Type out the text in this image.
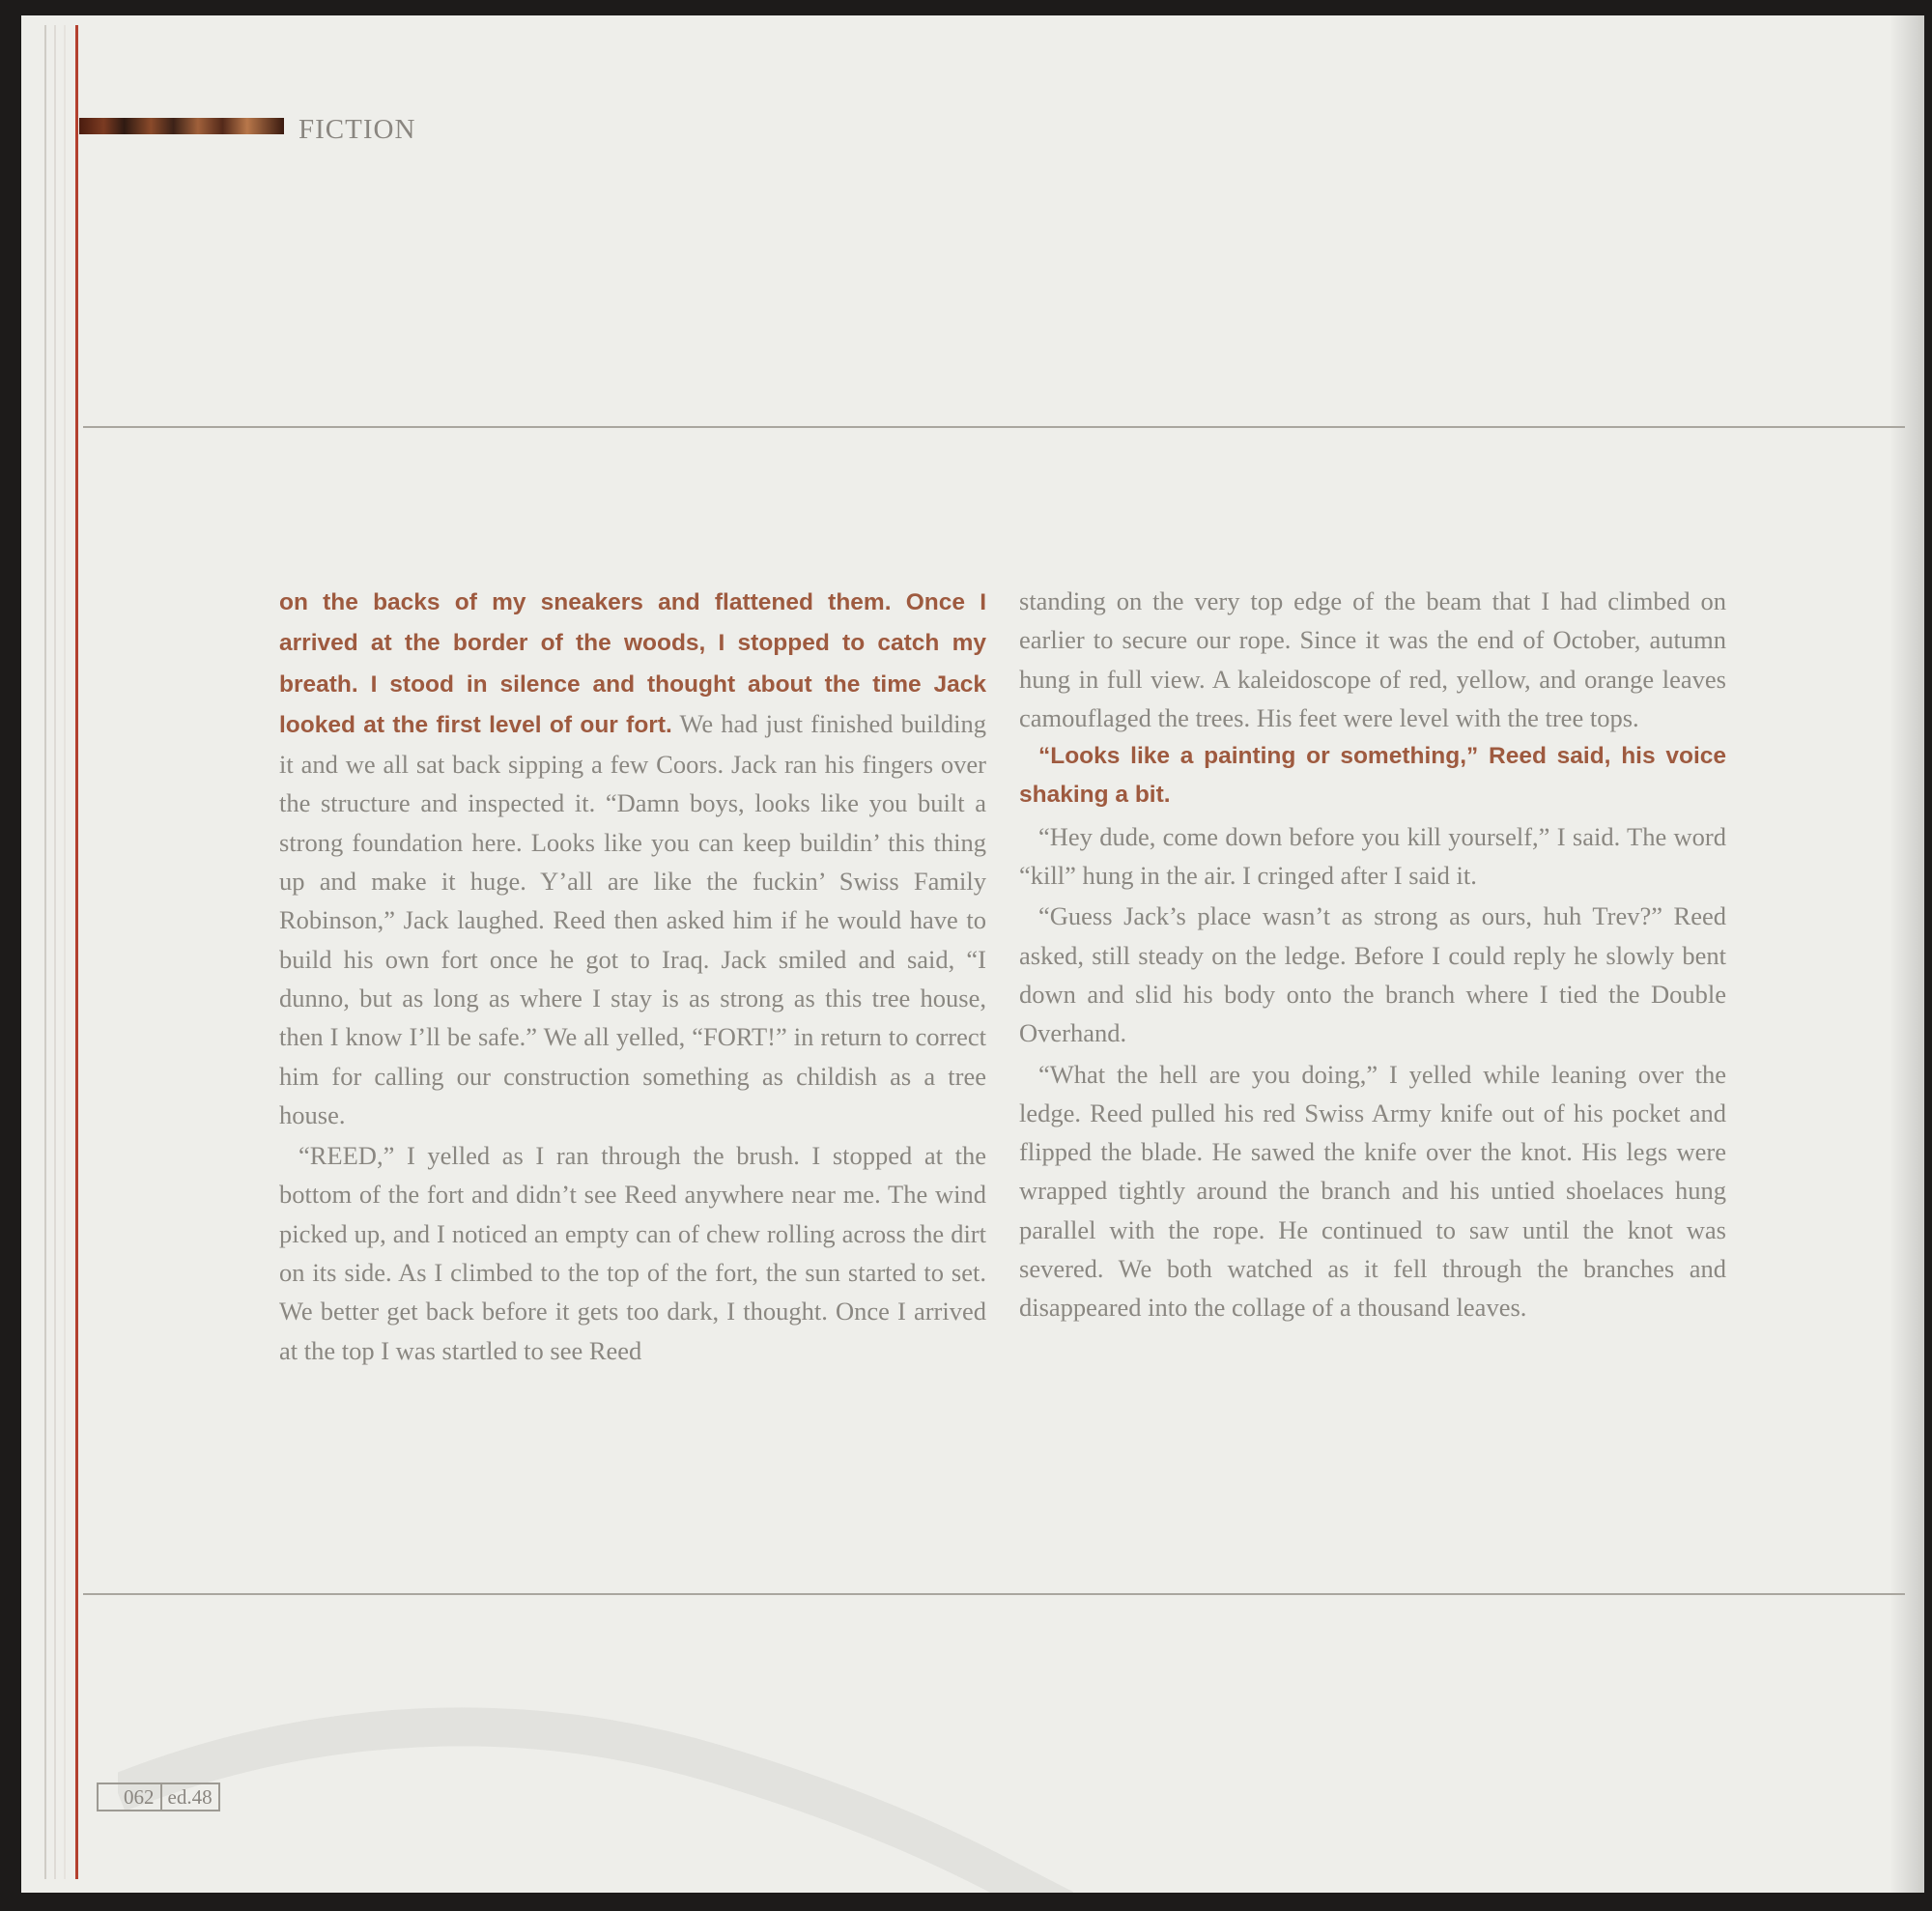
FICTION

on the backs of my sneakers and flattened them. Once I arrived at the border of the woods, I stopped to catch my breath. I stood in silence and thought about the time Jack looked at the first level of our fort. We had just finished building it and we all sat back sipping a few Coors. Jack ran his fingers over the structure and inspected it. “Damn boys, looks like you built a strong foundation here. Looks like you can keep buildin’ this thing up and make it huge. Y’all are like the fuckin’ Swiss Family Robinson,” Jack laughed. Reed then asked him if he would have to build his own fort once he got to Iraq. Jack smiled and said, “I dunno, but as long as where I stay is as strong as this tree house, then I know I’ll be safe.” We all yelled, “FORT!” in return to correct him for calling our construction something as childish as a tree house.

“REED,” I yelled as I ran through the brush. I stopped at the bottom of the fort and didn’t see Reed anywhere near me. The wind picked up, and I noticed an empty can of chew rolling across the dirt on its side. As I climbed to the top of the fort, the sun started to set. We better get back before it gets too dark, I thought. Once I arrived at the top I was startled to see Reed

standing on the very top edge of the beam that I had climbed on earlier to secure our rope. Since it was the end of October, autumn hung in full view. A kaleidoscope of red, yellow, and orange leaves camouflaged the trees. His feet were level with the tree tops.

“Looks like a painting or something,” Reed said, his voice shaking a bit.

“Hey dude, come down before you kill yourself,” I said. The word “kill” hung in the air. I cringed after I said it.

“Guess Jack’s place wasn’t as strong as ours, huh Trev?” Reed asked, still steady on the ledge. Before I could reply he slowly bent down and slid his body onto the branch where I tied the Double Overhand.

“What the hell are you doing,” I yelled while leaning over the ledge. Reed pulled his red Swiss Army knife out of his pocket and flipped the blade. He sawed the knife over the knot. His legs were wrapped tightly around the branch and his untied shoelaces hung parallel with the rope. He continued to saw until the knot was severed. We both watched as it fell through the branches and disappeared into the collage of a thousand leaves.

062 ed.48
